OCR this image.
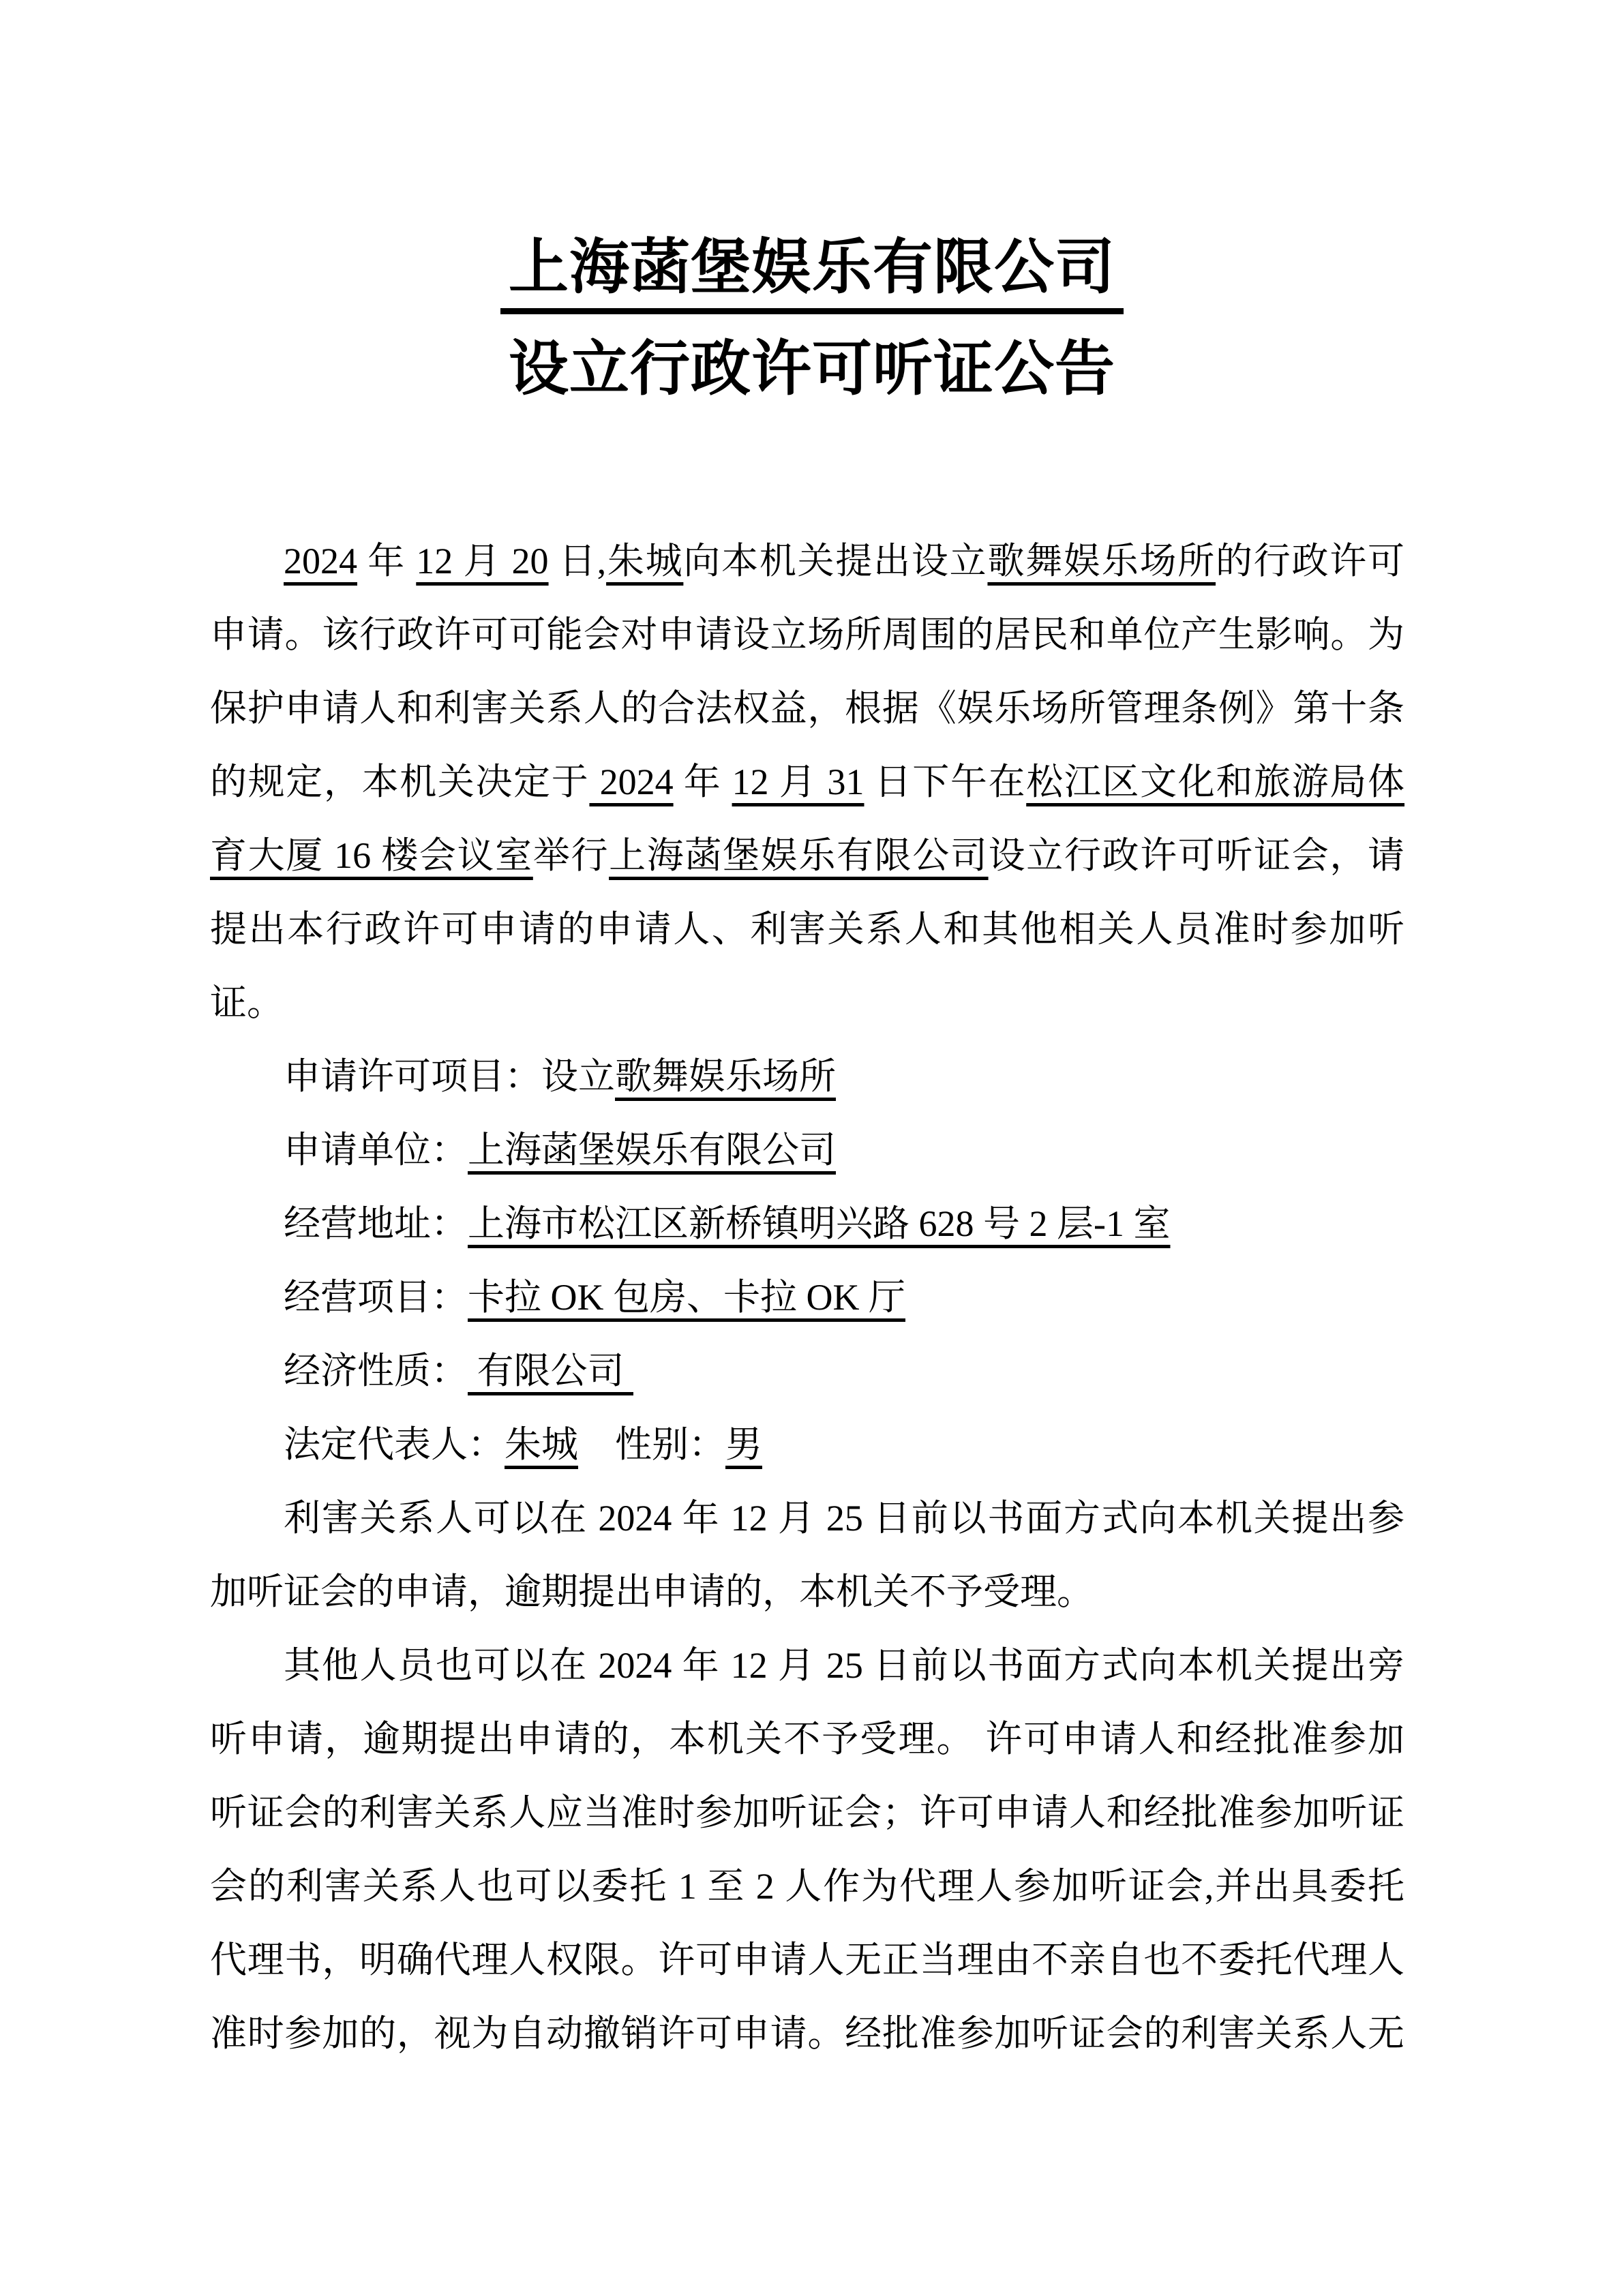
上海菡堡娱乐有限公司
设立行政许可听证公告
2024 年 12 月 20 日,朱城向本机关提出设立歌舞娱乐场所的行政许可
申请。该行政许可可能会对申请设立场所周围的居民和单位产生影响。为
保护申请人和利害关系人的合法权益，根据《娱乐场所管理条例》第十条
的规定，本机关决定于 2024 年 12 月 31 日下午在松江区文化和旅游局体
育大厦 16 楼会议室举行上海菡堡娱乐有限公司设立行政许可听证会，请
提出本行政许可申请的申请人、利害关系人和其他相关人员准时参加听
证。
申请许可项目：设立歌舞娱乐场所
申请单位：上海菡堡娱乐有限公司
经营地址：上海市松江区新桥镇明兴路 628 号 2 层-1 室
经营项目：卡拉 OK 包房、卡拉 OK 厅
经济性质： 有限公司
法定代表人：朱城　性别：男
利害关系人可以在 2024 年 12 月 25 日前以书面方式向本机关提出参
加听证会的申请，逾期提出申请的，本机关不予受理。
其他人员也可以在 2024 年 12 月 25 日前以书面方式向本机关提出旁
听申请，逾期提出申请的，本机关不予受理。 许可申请人和经批准参加
听证会的利害关系人应当准时参加听证会；许可申请人和经批准参加听证
会的利害关系人也可以委托 1 至 2 人作为代理人参加听证会,并出具委托
代理书，明确代理人权限。许可申请人无正当理由不亲自也不委托代理人
准时参加的，视为自动撤销许可申请。经批准参加听证会的利害关系人无
